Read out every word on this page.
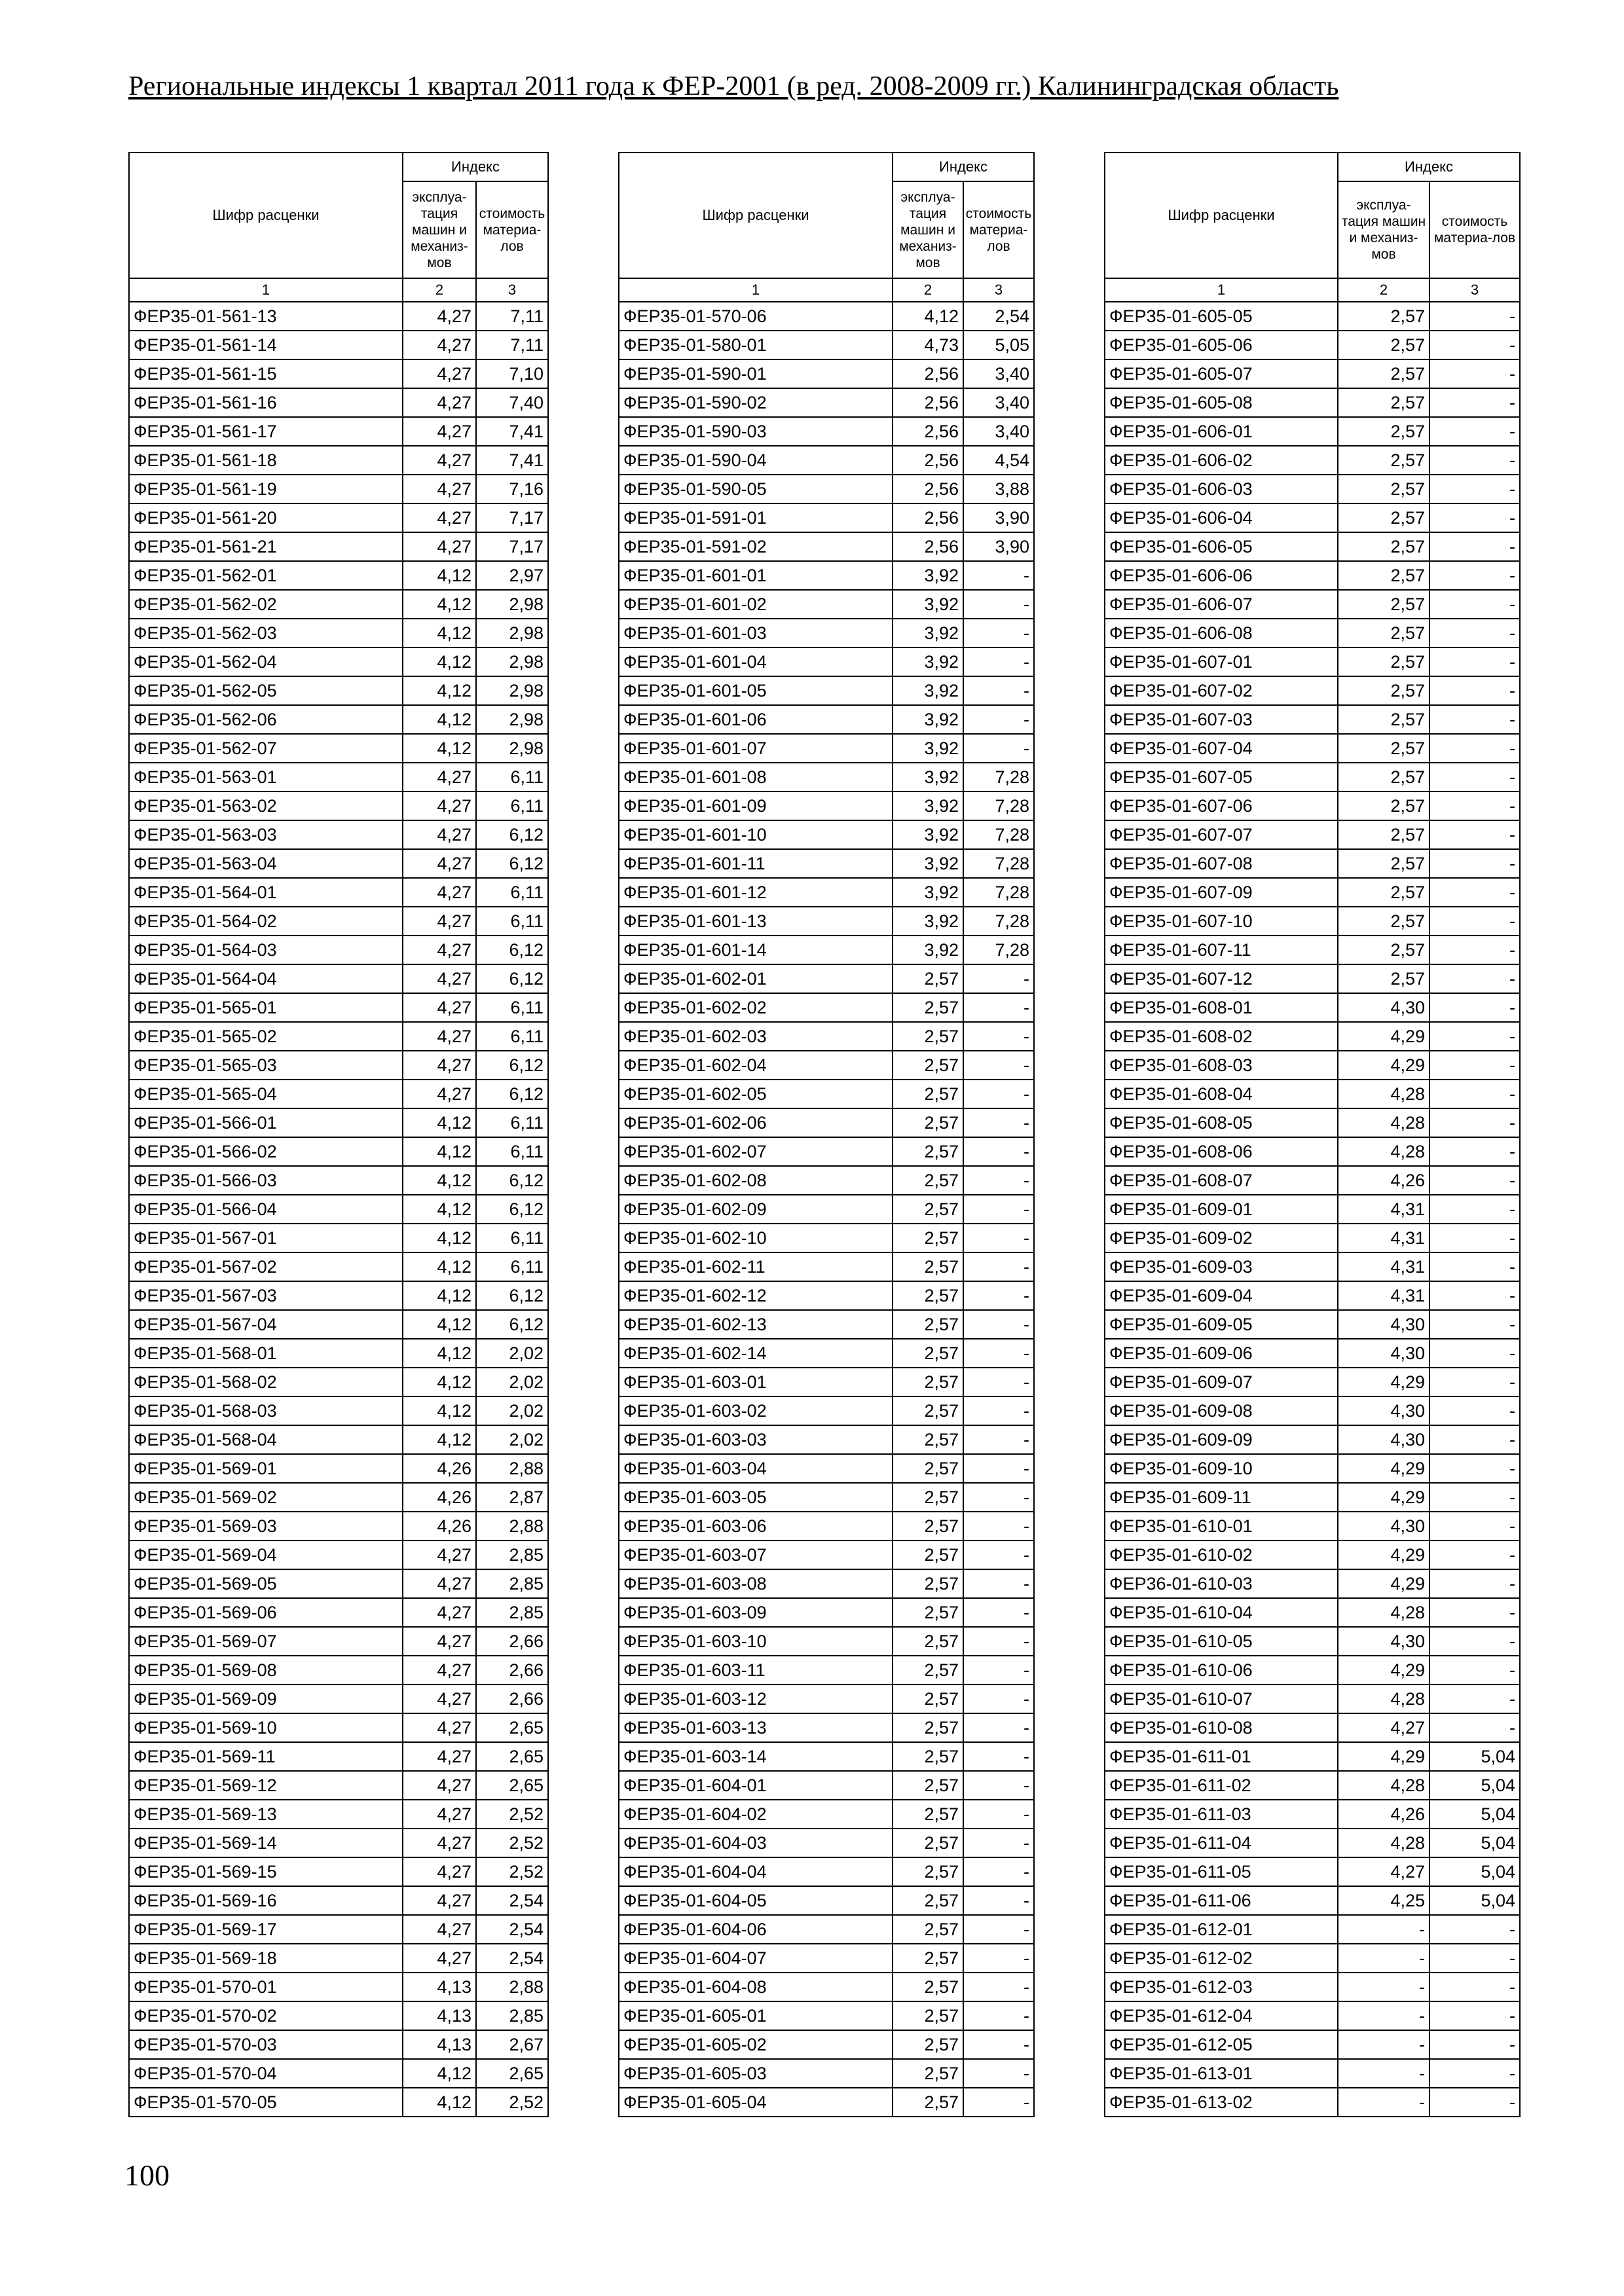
Региональные индексы 1 квартал 2011 года к ФЕР-2001 (в ред. 2008-2009 гг.) Калининградская область
Шифр расценки	Индекс	
	эксплуа-тация машин и механиз-мов	стоимость материа-лов
1	2	3
ФЕР35-01-561-13	4,27	7,11
ФЕР35-01-561-14	4,27	7,11
ФЕР35-01-561-15	4,27	7,10
ФЕР35-01-561-16	4,27	7,40
ФЕР35-01-561-17	4,27	7,41
ФЕР35-01-561-18	4,27	7,41
ФЕР35-01-561-19	4,27	7,16
ФЕР35-01-561-20	4,27	7,17
ФЕР35-01-561-21	4,27	7,17
ФЕР35-01-562-01	4,12	2,97
ФЕР35-01-562-02	4,12	2,98
ФЕР35-01-562-03	4,12	2,98
ФЕР35-01-562-04	4,12	2,98
ФЕР35-01-562-05	4,12	2,98
ФЕР35-01-562-06	4,12	2,98
ФЕР35-01-562-07	4,12	2,98
ФЕР35-01-563-01	4,27	6,11
ФЕР35-01-563-02	4,27	6,11
ФЕР35-01-563-03	4,27	6,12
ФЕР35-01-563-04	4,27	6,12
ФЕР35-01-564-01	4,27	6,11
ФЕР35-01-564-02	4,27	6,11
ФЕР35-01-564-03	4,27	6,12
ФЕР35-01-564-04	4,27	6,12
ФЕР35-01-565-01	4,27	6,11
ФЕР35-01-565-02	4,27	6,11
ФЕР35-01-565-03	4,27	6,12
ФЕР35-01-565-04	4,27	6,12
ФЕР35-01-566-01	4,12	6,11
ФЕР35-01-566-02	4,12	6,11
ФЕР35-01-566-03	4,12	6,12
ФЕР35-01-566-04	4,12	6,12
ФЕР35-01-567-01	4,12	6,11
ФЕР35-01-567-02	4,12	6,11
ФЕР35-01-567-03	4,12	6,12
ФЕР35-01-567-04	4,12	6,12
ФЕР35-01-568-01	4,12	2,02
ФЕР35-01-568-02	4,12	2,02
ФЕР35-01-568-03	4,12	2,02
ФЕР35-01-568-04	4,12	2,02
ФЕР35-01-569-01	4,26	2,88
ФЕР35-01-569-02	4,26	2,87
ФЕР35-01-569-03	4,26	2,88
ФЕР35-01-569-04	4,27	2,85
ФЕР35-01-569-05	4,27	2,85
ФЕР35-01-569-06	4,27	2,85
ФЕР35-01-569-07	4,27	2,66
ФЕР35-01-569-08	4,27	2,66
ФЕР35-01-569-09	4,27	2,66
ФЕР35-01-569-10	4,27	2,65
ФЕР35-01-569-11	4,27	2,65
ФЕР35-01-569-12	4,27	2,65
ФЕР35-01-569-13	4,27	2,52
ФЕР35-01-569-14	4,27	2,52
ФЕР35-01-569-15	4,27	2,52
ФЕР35-01-569-16	4,27	2,54
ФЕР35-01-569-17	4,27	2,54
ФЕР35-01-569-18	4,27	2,54
ФЕР35-01-570-01	4,13	2,88
ФЕР35-01-570-02	4,13	2,85
ФЕР35-01-570-03	4,13	2,67
ФЕР35-01-570-04	4,12	2,65
ФЕР35-01-570-05	4,12	2,52
Шифр расценки	Индекс	
	эксплуа-тация машин и механиз-мов	стоимость материа-лов
1	2	3
ФЕР35-01-570-06	4,12	2,54
ФЕР35-01-580-01	4,73	5,05
ФЕР35-01-590-01	2,56	3,40
ФЕР35-01-590-02	2,56	3,40
ФЕР35-01-590-03	2,56	3,40
ФЕР35-01-590-04	2,56	4,54
ФЕР35-01-590-05	2,56	3,88
ФЕР35-01-591-01	2,56	3,90
ФЕР35-01-591-02	2,56	3,90
ФЕР35-01-601-01	3,92	-
ФЕР35-01-601-02	3,92	-
ФЕР35-01-601-03	3,92	-
ФЕР35-01-601-04	3,92	-
ФЕР35-01-601-05	3,92	-
ФЕР35-01-601-06	3,92	-
ФЕР35-01-601-07	3,92	-
ФЕР35-01-601-08	3,92	7,28
ФЕР35-01-601-09	3,92	7,28
ФЕР35-01-601-10	3,92	7,28
ФЕР35-01-601-11	3,92	7,28
ФЕР35-01-601-12	3,92	7,28
ФЕР35-01-601-13	3,92	7,28
ФЕР35-01-601-14	3,92	7,28
ФЕР35-01-602-01	2,57	-
ФЕР35-01-602-02	2,57	-
ФЕР35-01-602-03	2,57	-
ФЕР35-01-602-04	2,57	-
ФЕР35-01-602-05	2,57	-
ФЕР35-01-602-06	2,57	-
ФЕР35-01-602-07	2,57	-
ФЕР35-01-602-08	2,57	-
ФЕР35-01-602-09	2,57	-
ФЕР35-01-602-10	2,57	-
ФЕР35-01-602-11	2,57	-
ФЕР35-01-602-12	2,57	-
ФЕР35-01-602-13	2,57	-
ФЕР35-01-602-14	2,57	-
ФЕР35-01-603-01	2,57	-
ФЕР35-01-603-02	2,57	-
ФЕР35-01-603-03	2,57	-
ФЕР35-01-603-04	2,57	-
ФЕР35-01-603-05	2,57	-
ФЕР35-01-603-06	2,57	-
ФЕР35-01-603-07	2,57	-
ФЕР35-01-603-08	2,57	-
ФЕР35-01-603-09	2,57	-
ФЕР35-01-603-10	2,57	-
ФЕР35-01-603-11	2,57	-
ФЕР35-01-603-12	2,57	-
ФЕР35-01-603-13	2,57	-
ФЕР35-01-603-14	2,57	-
ФЕР35-01-604-01	2,57	-
ФЕР35-01-604-02	2,57	-
ФЕР35-01-604-03	2,57	-
ФЕР35-01-604-04	2,57	-
ФЕР35-01-604-05	2,57	-
ФЕР35-01-604-06	2,57	-
ФЕР35-01-604-07	2,57	-
ФЕР35-01-604-08	2,57	-
ФЕР35-01-605-01	2,57	-
ФЕР35-01-605-02	2,57	-
ФЕР35-01-605-03	2,57	-
ФЕР35-01-605-04	2,57	-
Шифр расценки	Индекс	
	эксплуа-тация машин и механиз-мов	стоимость материа-лов
1	2	3
ФЕР35-01-605-05	2,57	-
ФЕР35-01-605-06	2,57	-
ФЕР35-01-605-07	2,57	-
ФЕР35-01-605-08	2,57	-
ФЕР35-01-606-01	2,57	-
ФЕР35-01-606-02	2,57	-
ФЕР35-01-606-03	2,57	-
ФЕР35-01-606-04	2,57	-
ФЕР35-01-606-05	2,57	-
ФЕР35-01-606-06	2,57	-
ФЕР35-01-606-07	2,57	-
ФЕР35-01-606-08	2,57	-
ФЕР35-01-607-01	2,57	-
ФЕР35-01-607-02	2,57	-
ФЕР35-01-607-03	2,57	-
ФЕР35-01-607-04	2,57	-
ФЕР35-01-607-05	2,57	-
ФЕР35-01-607-06	2,57	-
ФЕР35-01-607-07	2,57	-
ФЕР35-01-607-08	2,57	-
ФЕР35-01-607-09	2,57	-
ФЕР35-01-607-10	2,57	-
ФЕР35-01-607-11	2,57	-
ФЕР35-01-607-12	2,57	-
ФЕР35-01-608-01	4,30	-
ФЕР35-01-608-02	4,29	-
ФЕР35-01-608-03	4,29	-
ФЕР35-01-608-04	4,28	-
ФЕР35-01-608-05	4,28	-
ФЕР35-01-608-06	4,28	-
ФЕР35-01-608-07	4,26	-
ФЕР35-01-609-01	4,31	-
ФЕР35-01-609-02	4,31	-
ФЕР35-01-609-03	4,31	-
ФЕР35-01-609-04	4,31	-
ФЕР35-01-609-05	4,30	-
ФЕР35-01-609-06	4,30	-
ФЕР35-01-609-07	4,29	-
ФЕР35-01-609-08	4,30	-
ФЕР35-01-609-09	4,30	-
ФЕР35-01-609-10	4,29	-
ФЕР35-01-609-11	4,29	-
ФЕР35-01-610-01	4,30	-
ФЕР35-01-610-02	4,29	-
ФЕР36-01-610-03	4,29	-
ФЕР35-01-610-04	4,28	-
ФЕР35-01-610-05	4,30	-
ФЕР35-01-610-06	4,29	-
ФЕР35-01-610-07	4,28	-
ФЕР35-01-610-08	4,27	-
ФЕР35-01-611-01	4,29	5,04
ФЕР35-01-611-02	4,28	5,04
ФЕР35-01-611-03	4,26	5,04
ФЕР35-01-611-04	4,28	5,04
ФЕР35-01-611-05	4,27	5,04
ФЕР35-01-611-06	4,25	5,04
ФЕР35-01-612-01	-	-
ФЕР35-01-612-02	-	-
ФЕР35-01-612-03	-	-
ФЕР35-01-612-04	-	-
ФЕР35-01-612-05	-	-
ФЕР35-01-613-01	-	-
ФЕР35-01-613-02	-	-
100
